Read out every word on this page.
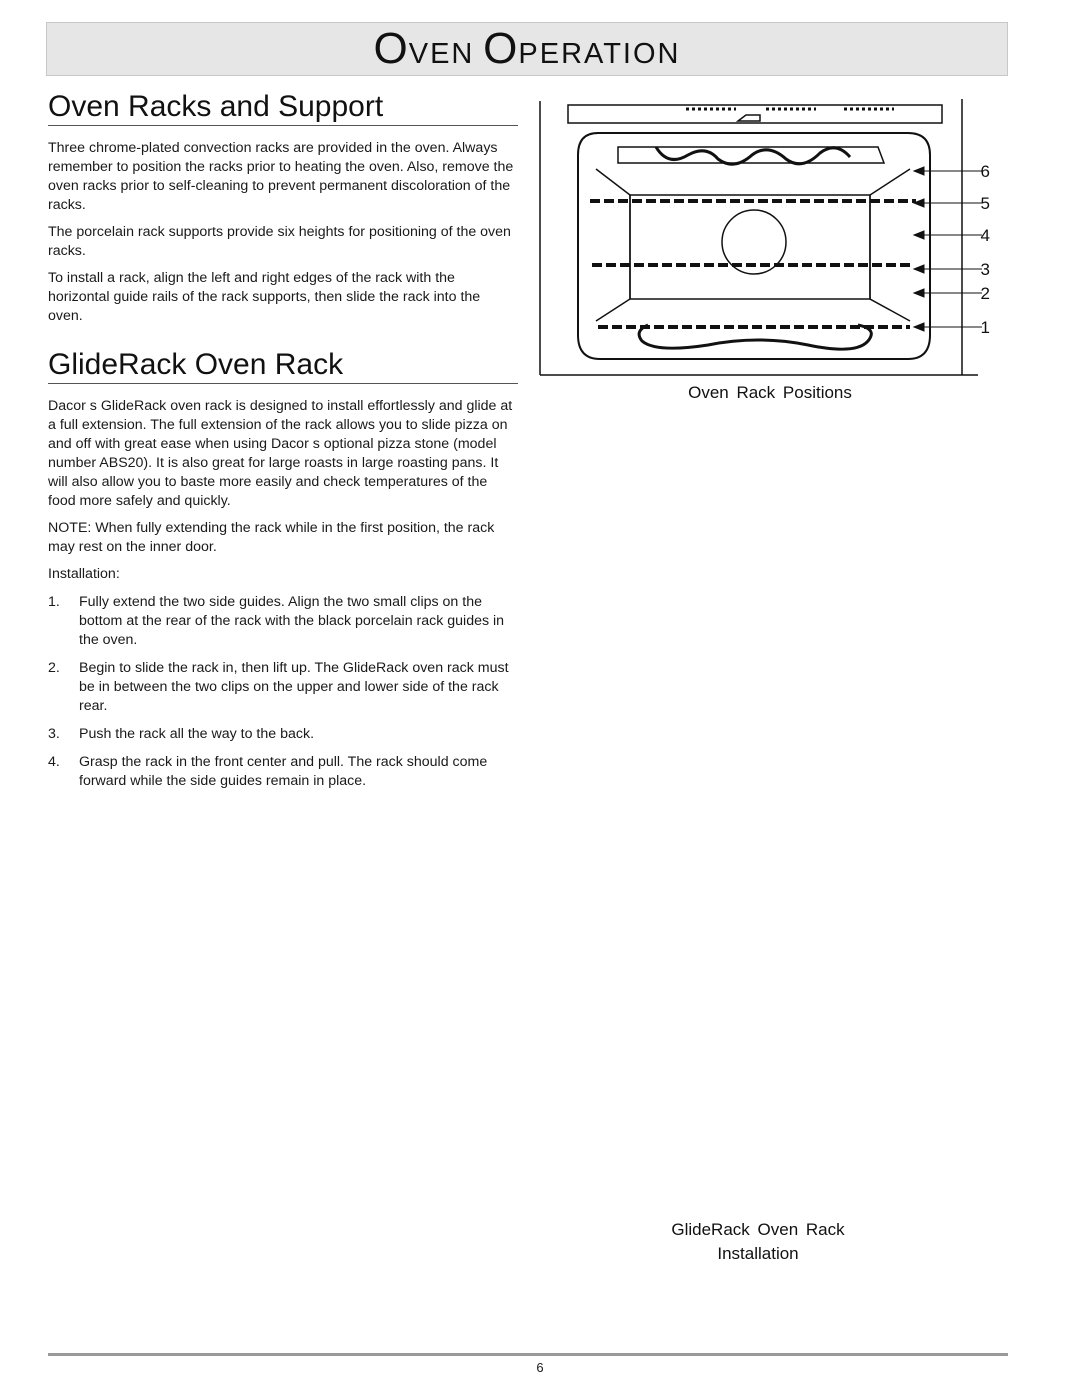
OVEN OPERATION
Oven Racks and Support

Three chrome-plated convection racks are provided in the oven. Always remember to position the racks prior to heating the oven. Also, remove the oven racks prior to self-cleaning to prevent permanent discoloration of the racks.

The porcelain rack supports provide six heights for positioning of the oven racks.

To install a rack, align the left and right edges of the rack with the horizontal guide rails of the rack supports, then slide the rack into the oven.

GlideRack Oven Rack

Dacor s GlideRack oven rack is designed to install effortlessly and glide at a full extension. The full extension of the rack allows you to slide pizza on and off with great ease when using Dacor s optional pizza stone (model number ABS20). It is also great for large roasts in large roasting pans. It will also allow you to baste more easily and check temperatures of the food more safely and quickly.

NOTE: When fully extending the rack while in the first position, the rack may rest on the inner door.

Installation:

1.	Fully extend the two side guides. Align the two small clips on the bottom at the rear of the rack with the black porcelain rack guides in the oven.
2.	Begin to slide the rack in, then lift up. The GlideRack oven rack must be in between the two clips on the upper and lower side of the rack rear.
3.	Push the rack all the way to the back.
4.	Grasp the rack in the front center and pull. The rack should come forward while the side guides remain in place.
6
5
4
3
2
1
Oven Rack Positions
GlideRack Oven Rack
Installation
6
